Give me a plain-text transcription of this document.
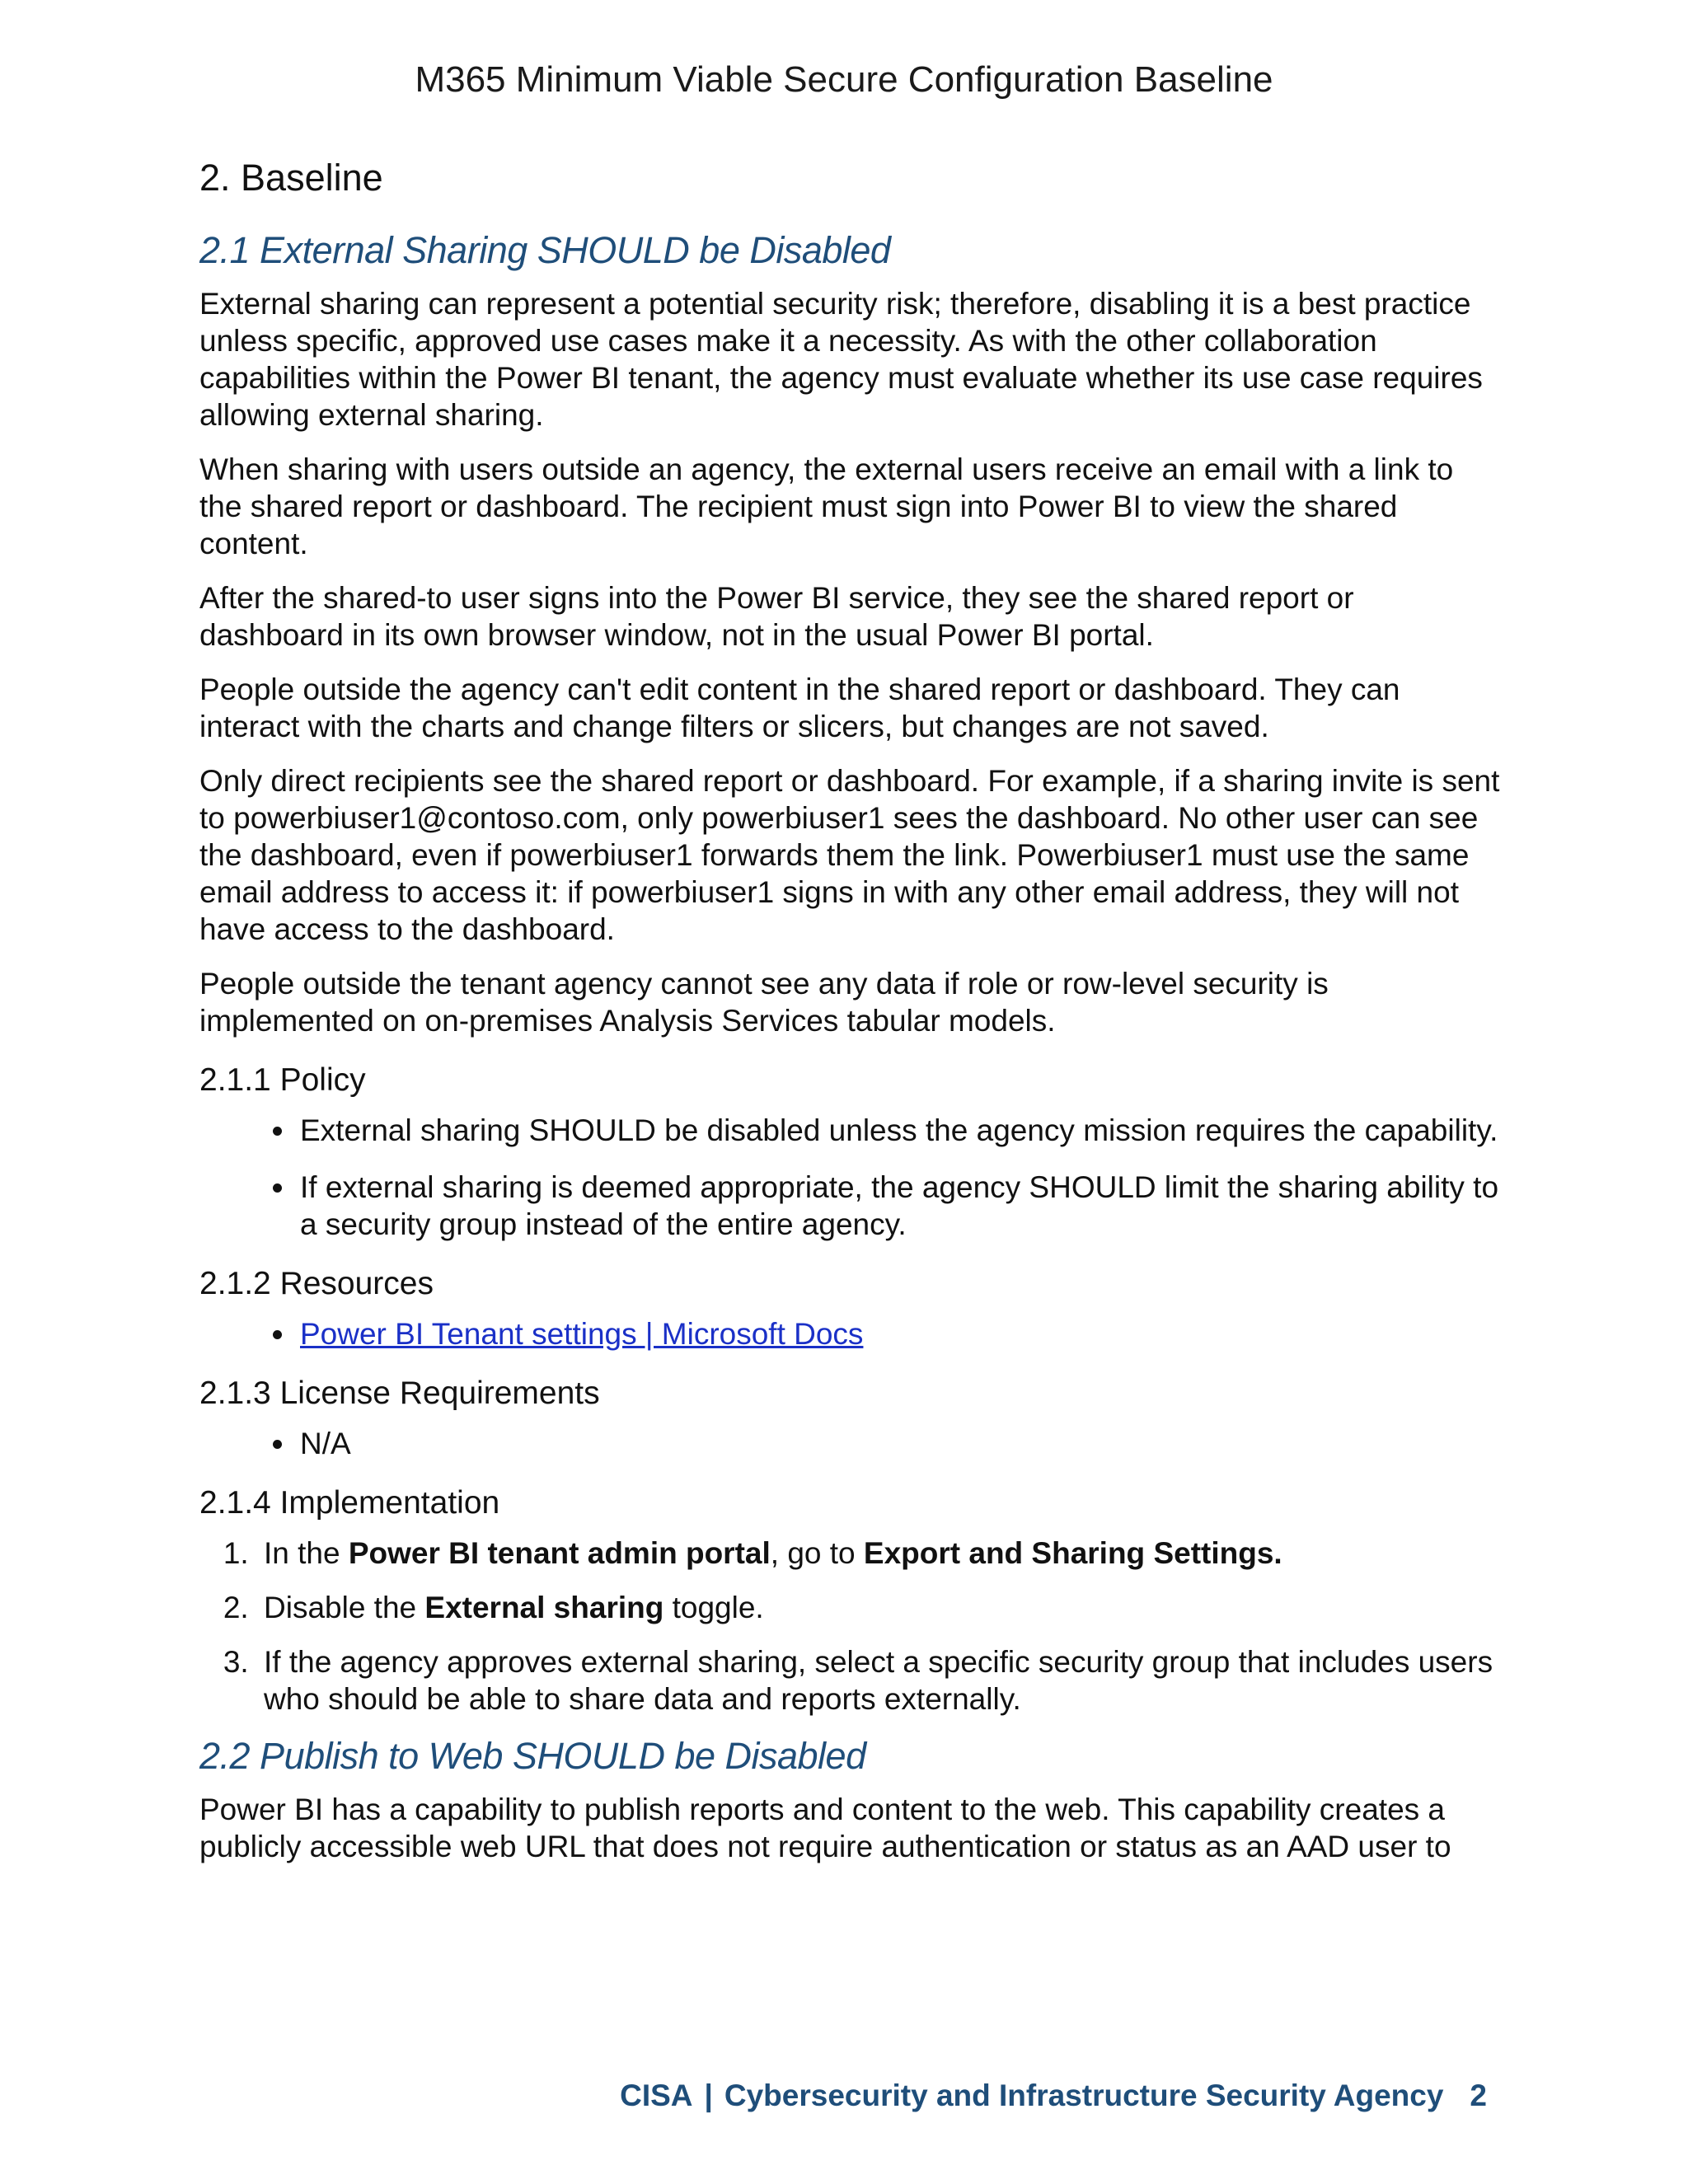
M365 Minimum Viable Secure Configuration Baseline
2. Baseline
2.1 External Sharing SHOULD be Disabled

External sharing can represent a potential security risk; therefore, disabling it is a best practice unless specific, approved use cases make it a necessity. As with the other collaboration capabilities within the Power BI tenant, the agency must evaluate whether its use case requires allowing external sharing.

When sharing with users outside an agency, the external users receive an email with a link to the shared report or dashboard. The recipient must sign into Power BI to view the shared content.

After the shared-to user signs into the Power BI service, they see the shared report or dashboard in its own browser window, not in the usual Power BI portal.

People outside the agency can't edit content in the shared report or dashboard. They can interact with the charts and change filters or slicers, but changes are not saved.

Only direct recipients see the shared report or dashboard. For example, if a sharing invite is sent to powerbiuser1@contoso.com, only powerbiuser1 sees the dashboard. No other user can see the dashboard, even if powerbiuser1 forwards them the link. Powerbiuser1 must use the same email address to access it: if powerbiuser1 signs in with any other email address, they will not have access to the dashboard.

People outside the tenant agency cannot see any data if role or row-level security is implemented on on-premises Analysis Services tabular models.

2.1.1 Policy
• External sharing SHOULD be disabled unless the agency mission requires the capability.
• If external sharing is deemed appropriate, the agency SHOULD limit the sharing ability to a security group instead of the entire agency.
2.1.2 Resources
• Power BI Tenant settings | Microsoft Docs
2.1.3 License Requirements
• N/A
2.1.4 Implementation
1. In the Power BI tenant admin portal, go to Export and Sharing Settings.
2. Disable the External sharing toggle.
3. If the agency approves external sharing, select a specific security group that includes users who should be able to share data and reports externally.
2.2 Publish to Web SHOULD be Disabled

Power BI has a capability to publish reports and content to the web. This capability creates a publicly accessible web URL that does not require authentication or status as an AAD user to

CISA | Cybersecurity and Infrastructure Security Agency 2
